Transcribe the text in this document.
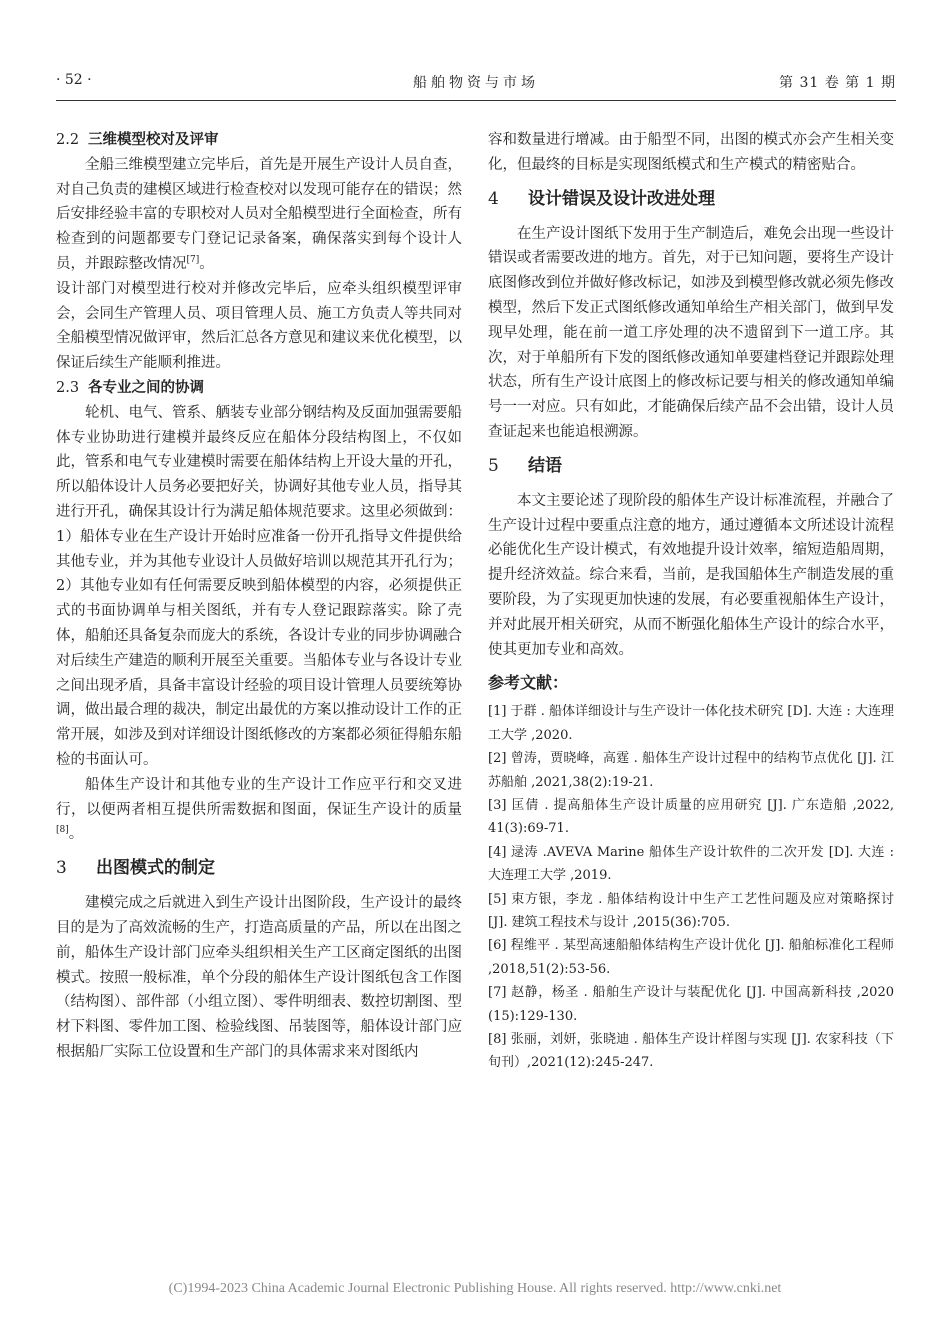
· 52 ·	船舶物资与市场	第 31 卷 第 1 期
2.2 三维模型校对及评审

全船三维模型建立完毕后，首先是开展生产设计人员自查，对自己负责的建模区域进行检查校对以发现可能存在的错误；然后安排经验丰富的专职校对人员对全船模型进行全面检查，所有检查到的问题都要专门登记记录备案，确保落实到每个设计人员，并跟踪整改情况[7]。

设计部门对模型进行校对并修改完毕后，应牵头组织模型评审会，会同生产管理人员、项目管理人员、施工方负责人等共同对全船模型情况做评审，然后汇总各方意见和建议来优化模型，以保证后续生产能顺利推进。

2.3 各专业之间的协调

轮机、电气、管系、舾装专业部分钢结构及反面加强需要船体专业协助进行建模并最终反应在船体分段结构图上，不仅如此，管系和电气专业建模时需要在船体结构上开设大量的开孔，所以船体设计人员务必要把好关，协调好其他专业人员，指导其进行开孔，确保其设计行为满足船体规范要求。这里必须做到：1）船体专业在生产设计开始时应准备一份开孔指导文件提供给其他专业，并为其他专业设计人员做好培训以规范其开孔行为；2）其他专业如有任何需要反映到船体模型的内容，必须提供正式的书面协调单与相关图纸，并有专人登记跟踪落实。除了壳体，船舶还具备复杂而庞大的系统，各设计专业的同步协调融合对后续生产建造的顺利开展至关重要。当船体专业与各设计专业之间出现矛盾，具备丰富设计经验的项目设计管理人员要统筹协调，做出最合理的裁决，制定出最优的方案以推动设计工作的正常开展，如涉及到对详细设计图纸修改的方案都必须征得船东船检的书面认可。

船体生产设计和其他专业的生产设计工作应平行和交叉进行，以便两者相互提供所需数据和图面，保证生产设计的质量[8]。

3 出图模式的制定

建模完成之后就进入到生产设计出图阶段，生产设计的最终目的是为了高效流畅的生产，打造高质量的产品，所以在出图之前，船体生产设计部门应牵头组织相关生产工区商定图纸的出图模式。按照一般标准，单个分段的船体生产设计图纸包含工作图（结构图）、部件部（小组立图）、零件明细表、数控切割图、型材下料图、零件加工图、检验线图、吊装图等，船体设计部门应根据船厂实际工位设置和生产部门的具体需求来对图纸内

容和数量进行增减。由于船型不同，出图的模式亦会产生相关变化，但最终的目标是实现图纸模式和生产模式的精密贴合。

4 设计错误及设计改进处理

在生产设计图纸下发用于生产制造后，难免会出现一些设计错误或者需要改进的地方。首先，对于已知问题，要将生产设计底图修改到位并做好修改标记，如涉及到模型修改就必须先修改模型，然后下发正式图纸修改通知单给生产相关部门，做到早发现早处理，能在前一道工序处理的决不遗留到下一道工序。其次，对于单船所有下发的图纸修改通知单要建档登记并跟踪处理状态，所有生产设计底图上的修改标记要与相关的修改通知单编号一一对应。只有如此，才能确保后续产品不会出错，设计人员查证起来也能追根溯源。

5 结语

本文主要论述了现阶段的船体生产设计标准流程，并融合了生产设计过程中要重点注意的地方，通过遵循本文所述设计流程必能优化生产设计模式，有效地提升设计效率，缩短造船周期，提升经济效益。综合来看，当前，是我国船体生产制造发展的重要阶段，为了实现更加快速的发展，有必要重视船体生产设计，并对此展开相关研究，从而不断强化船体生产设计的综合水平，使其更加专业和高效。

参考文献：
[1] 于群 . 船体详细设计与生产设计一体化技术研究 [D]. 大连 : 大连理工大学 ,2020.
[2] 曾涛，贾晓峰，高霆 . 船体生产设计过程中的结构节点优化 [J]. 江苏船舶 ,2021,38(2):19-21.
[3] 匡倩 . 提高船体生产设计质量的应用研究 [J]. 广东造船 ,2022, 41(3):69-71.
[4] 逯涛 .AVEVA Marine 船体生产设计软件的二次开发 [D]. 大连 : 大连理工大学 ,2019.
[5] 束方银，李龙 . 船体结构设计中生产工艺性问题及应对策略探讨 [J]. 建筑工程技术与设计 ,2015(36):705.
[6] 程维平 . 某型高速船船体结构生产设计优化 [J]. 船舶标准化工程师 ,2018,51(2):53-56.
[7] 赵静，杨圣 . 船舶生产设计与装配优化 [J]. 中国高新科技 ,2020 (15):129-130.
[8] 张丽，刘妍，张晓迪 . 船体生产设计样图与实现 [J]. 农家科技（下旬刊）,2021(12):245-247.
(C)1994-2023 China Academic Journal Electronic Publishing House. All rights reserved. http://www.cnki.net
